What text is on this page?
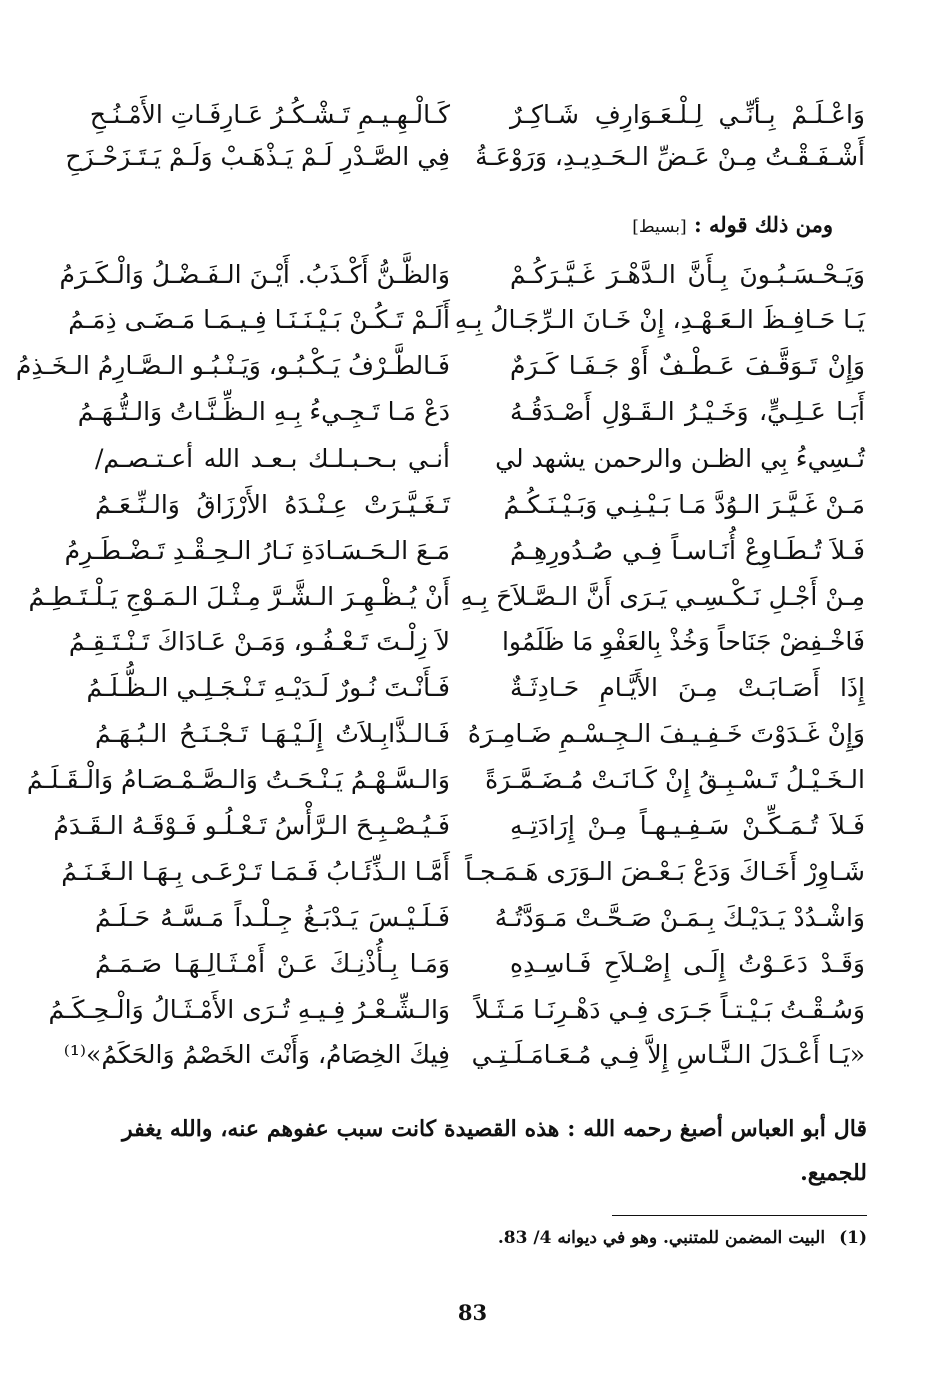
وَاعْـلَـمْ بِـأنِّـي لِـلْـعَـوَارِفِ شَـاكِـرٌ
كَـالْـهِـيـمِ تَـشْـكُـرُ عَـارِفَـاتِ الأَمْـنُـحِ
أَشْـفَـقْـتُ مِـنْ عَـضِّ الـحَـدِيـدِ، وَرَوْعَـةُ
فِي الصَّـدْرِ لَـمْ يَـذْهَـبْ وَلَـمْ يَـتَـزَحْـزَحِ
ومن ذلك قوله : [بسيط]
وَيَـحْـسَـبُـونَ بِـأَنَّ الـدَّهْـرَ غَـيَّـرَكُـمْ
وَالظَّـنُّ أَكْـذَبُ. أَيْـنَ الـفَـضْـلُ وَالْـكَـرَمُ
يَـا حَـافِـظَ الـعَـهْـدِ، إِنْ خَـانَ الـرِّجَـالُ بِـهِ
أَلَـمْ تَـكُـنْ بَـيْـنَـنَـا فِـيـمَـا مَـضَـى ذِمَـمُ
وَإِنْ تَـوَقَّـفَ عَـطْـفٌ أَوْ جَـفَـا كَـرَمٌ
فَـالطَّـرْفُ يَـكْـبُـو، وَيَـنْـبُـو الـصَّـارِمُ الـخَـذِمُ
أَبَـا عَـلِـيٍّ، وَخَـيْـرُ الـقَـوْلِ أَصْـدَقُـهُ
دَعْ مَـا تَـجِـيءُ بِـهِ الـظِّـنَّـاتُ وَالـتُّـهَـمُ
تُـسِيءُ بِي الظـن والرحمن يشهد لي
أنـي بـحـبـلـك بـعـد الله أعـتـصـم/
مَـنْ غَـيَّـرَ الـوُدَّ مَـا بَـيْـنِـي وَبَـيْـنَـكُـمُ
تَـغَـيَّـرَتْ عِـنْـدَهُ الأَرْزَاقُ وَالـنِّـعَـمُ
فَـلاَ تُـطَـاوِعْ أُنَـاسـاً فِـي صُـدُورِهِـمُ
مَـعَ الـحَـسَـادَةِ نَـارُ الـحِـقْـدِ تَـضْـطَـرِمُ
مِـنْ أَجْـلِ نَـكْـسِـي يَـرَى أَنَّ الـصَّـلاَحَ بِـهِ
أَنْ يُـظْـهِـرَ الـشَّـرَّ مِـثْـلَ الـمَـوْجِ يَـلْـتَـطِـمُ
فَاخْـفِضْ جَنَاحاً وَخُذْ بِالعَفْوِ مَا ظَلَمُوا
لاَ زِلْـتَ تَـعْـفُـو، وَمَـنْ عَـادَاكَ تَـنْـتَـقِـمُ
إِذَا أَصَـابَـتْ مِـنَ الأَيَّـامِ حَـادِثَـةٌ
فَـأَنْـتَ نُـورٌ لَـدَيْـهِ تَـنْـجَـلِـي الـظُّـلَـمُ
وَإِنْ غَـدَوْتَ خَـفِـيـفَ الـجِـسْـمِ ضَـامِـرَهُ
فَـالـذَّابِـلاَتُ إِلَـيْـهَـا تَـجْـنَـحُ الـبُـهَـمُ
الـخَـيْـلُ تَـسْـبِـقُ إِنْ كَـانَـتْ مُـضَـمَّـرَةً
وَالـسَّـهْـمُ يَـنْـحَـتُ وَالـصَّـمْـصَـامُ وَالْـقَـلَـمُ
فَـلاَ تُـمَـكِّـنْ سَـفِـيـهـاً مِـنْ إِرَادَتِـهِ
فَـيُـصْـبِـحَ الـرَّأْسُ تَـعْـلُـو فَـوْقَـهُ الـقَـدَمُ
شَـاوِرْ أَخَـاكَ وَدَعْ بَـعْـضَ الـوَرَى هَـمَـجـاً
أَمَّـا الـذِّئَـابُ فَـمَـا تَـرْعَـى بِـهَـا الـغَـنَـمُ
وَاشْـدُدْ يَـدَيْـكَ بِـمَـنْ صَـحَّـتْ مَـوَدَّتُـهُ
فَـلَـيْـسَ يَـدْبَـغُ جِـلْـداً مَـسَّـهُ حَـلَـمُ
وَقَـدْ دَعَـوْتُ إِلَـى إِصْـلاَحِ فَـاسِـدِهِ
وَمَـا بِـأُذْنِـكَ عَـنْ أَمْـثَـالِـهَـا صَـمَـمُ
وَسُـقْـتُ بَـيْـتـاً جَـرَى فِـي دَهْـرِنَـا مَـثَـلاً
وَالـشِّـعْـرُ فِـيـهِ تُـرَى الأَمْـثَـالُ وَالْـحِـكَـمُ
«يَـا أَعْـدَلَ الـنَّـاسِ إِلاَّ فِـي مُـعَـامَـلَـتِـي
فِيكَ الخِصَامُ، وَأَنْتَ الخَصْمُ وَالحَكَمُ»⁽¹⁾
قال أبو العباس أصبغ رحمه الله : هذه القصيدة كانت سبب عفوهم عنه، والله يغفر للجميع.
(1)البيت المضمن للمتنبي. وهو في ديوانه 4/ 83.
83
